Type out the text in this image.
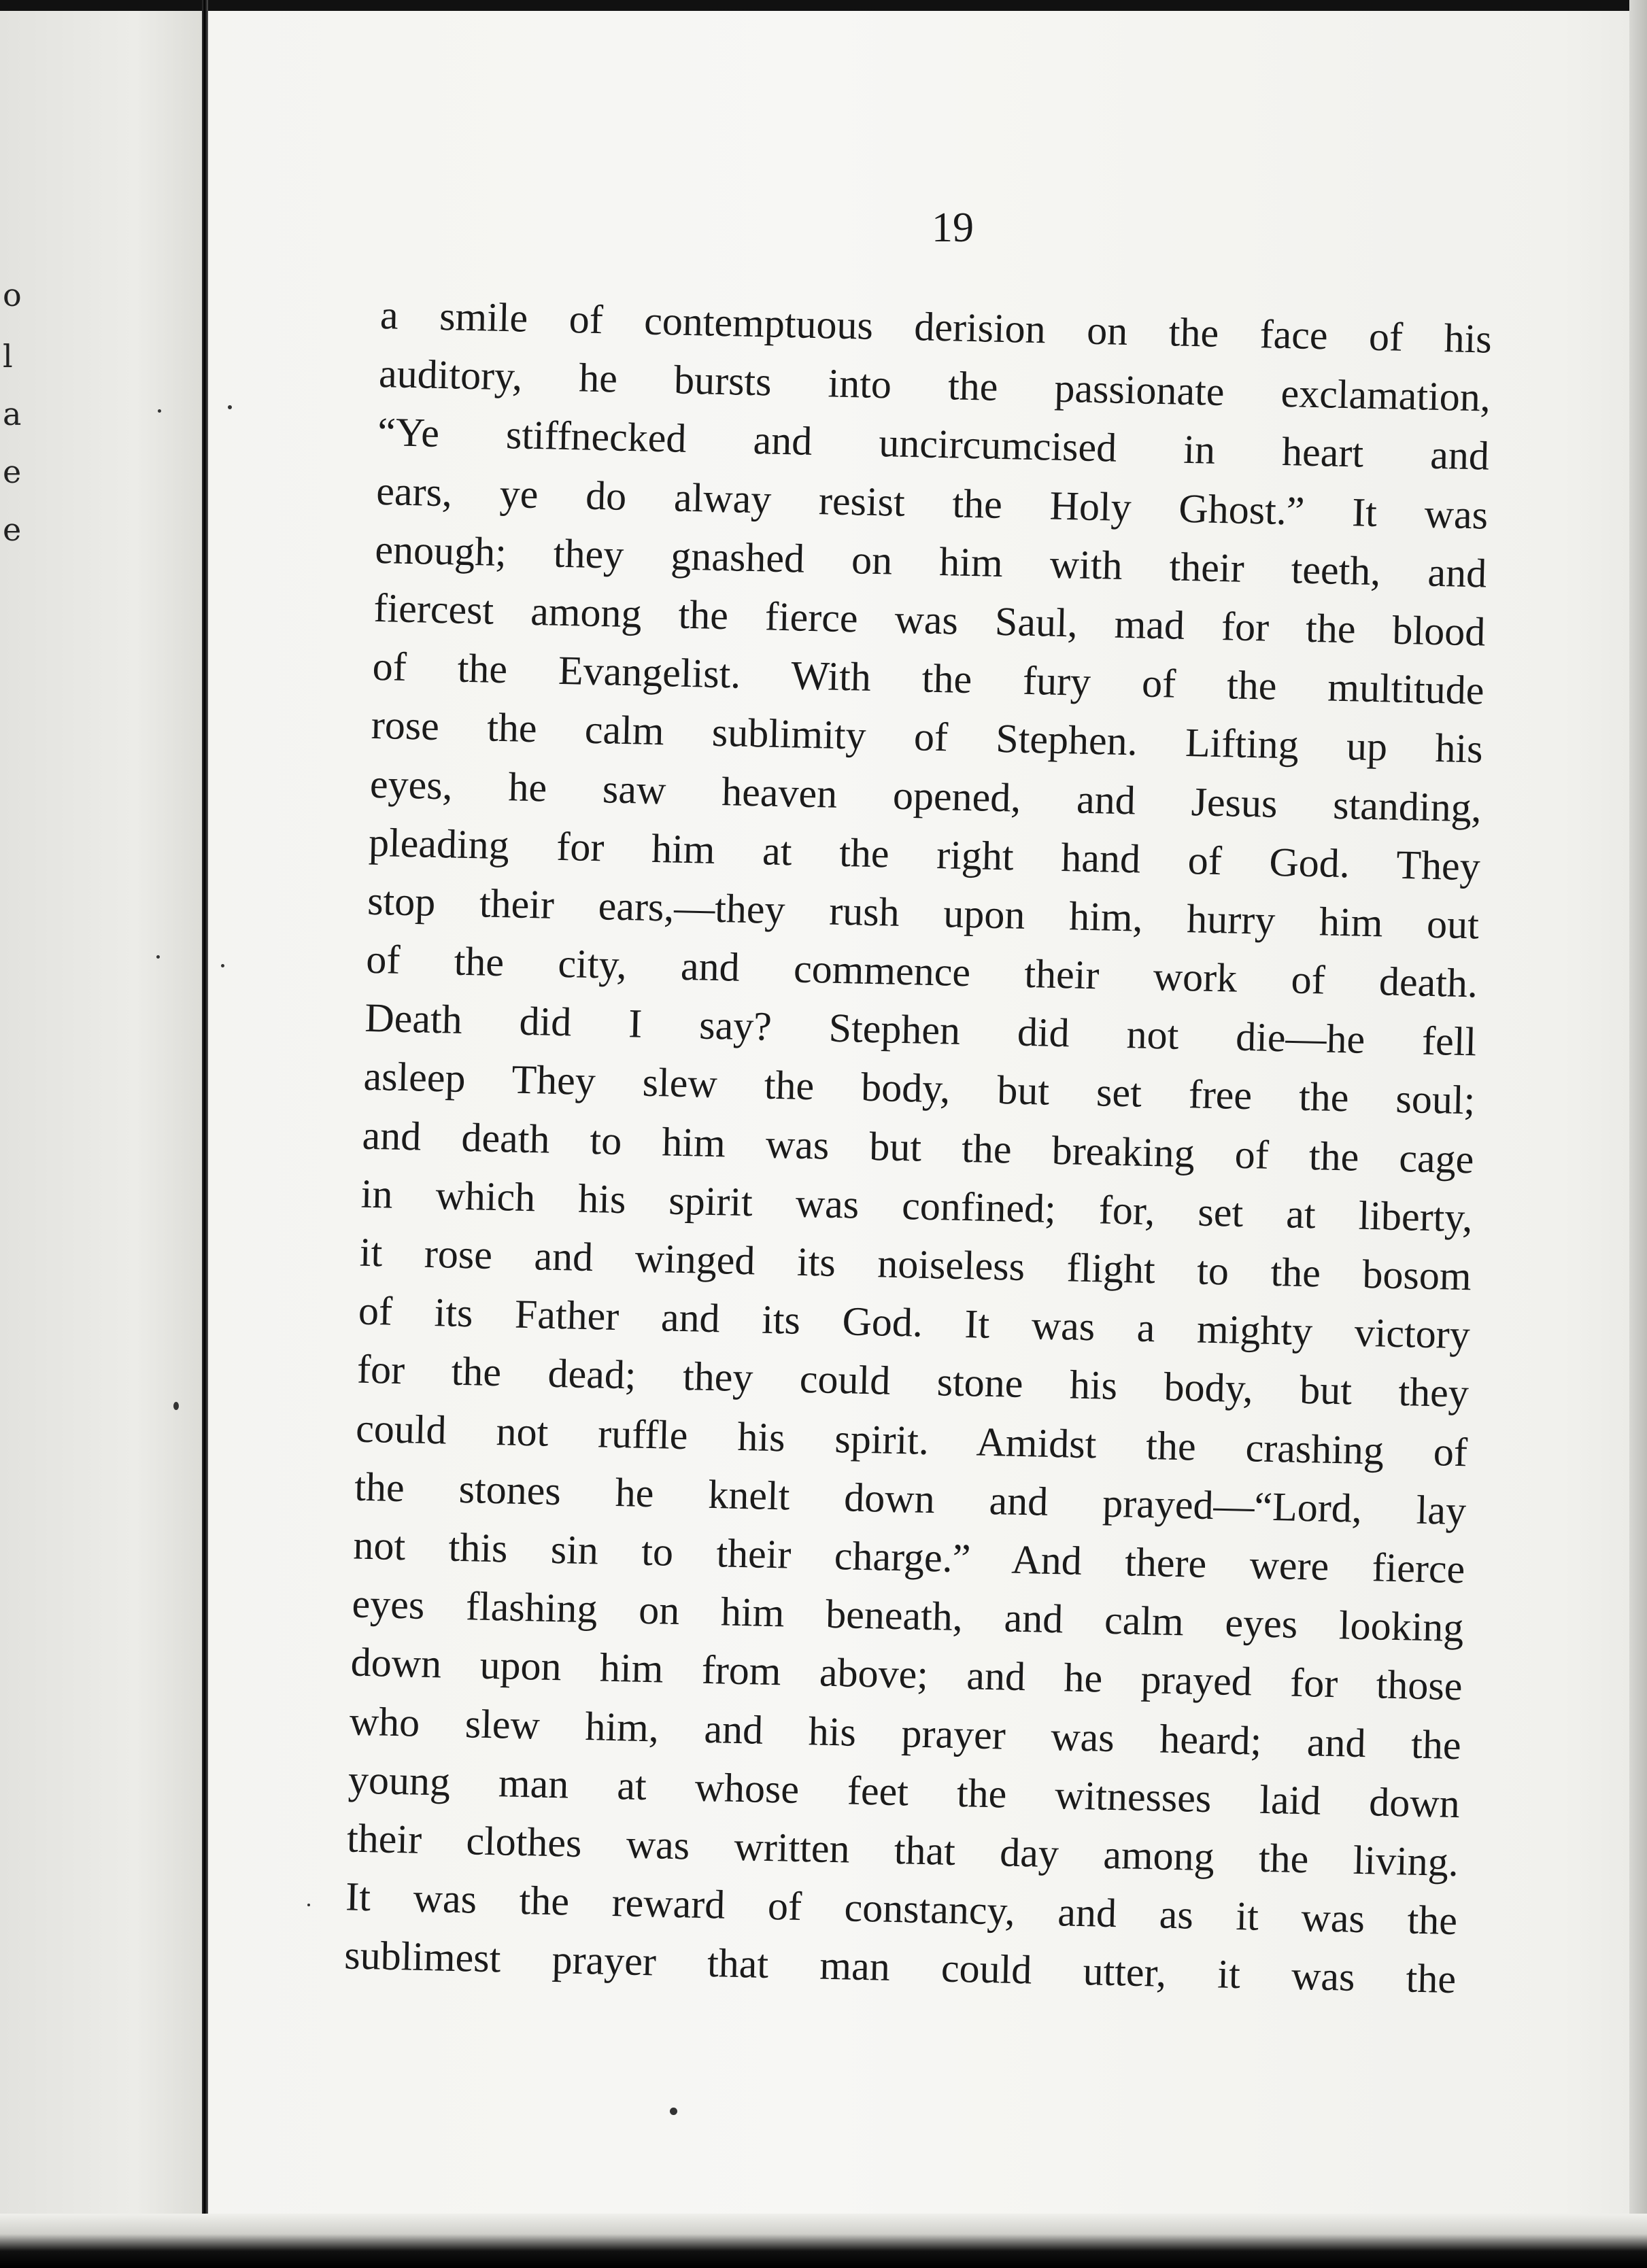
o
l
a
e
e
19
a smile of contemptuous derision on the face of his
auditory, he bursts into the passionate exclamation,
“Ye stiffnecked and uncircumcised in heart and
ears, ye do alway resist the Holy Ghost.” It was
enough; they gnashed on him with their teeth, and
fiercest among the fierce was Saul, mad for the blood
of the Evangelist. With the fury of the multitude
rose the calm sublimity of Stephen. Lifting up his
eyes, he saw heaven opened, and Jesus standing,
pleading for him at the right hand of God. They
stop their ears,—they rush upon him, hurry him out
of the city, and commence their work of death.
Death did I say? Stephen did not die—he fell
asleep They slew the body, but set free the soul;
and death to him was but the breaking of the cage
in which his spirit was confined; for, set at liberty,
it rose and winged its noiseless flight to the bosom
of its Father and its God. It was a mighty victory
for the dead; they could stone his body, but they
could not ruffle his spirit. Amidst the crashing of
the stones he knelt down and prayed—“Lord, lay
not this sin to their charge.” And there were fierce
eyes flashing on him beneath, and calm eyes looking
down upon him from above; and he prayed for those
who slew him, and his prayer was heard; and the
young man at whose feet the witnesses laid down
their clothes was written that day among the living.
It was the reward of constancy, and as it was the
sublimest prayer that man could utter, it was the
